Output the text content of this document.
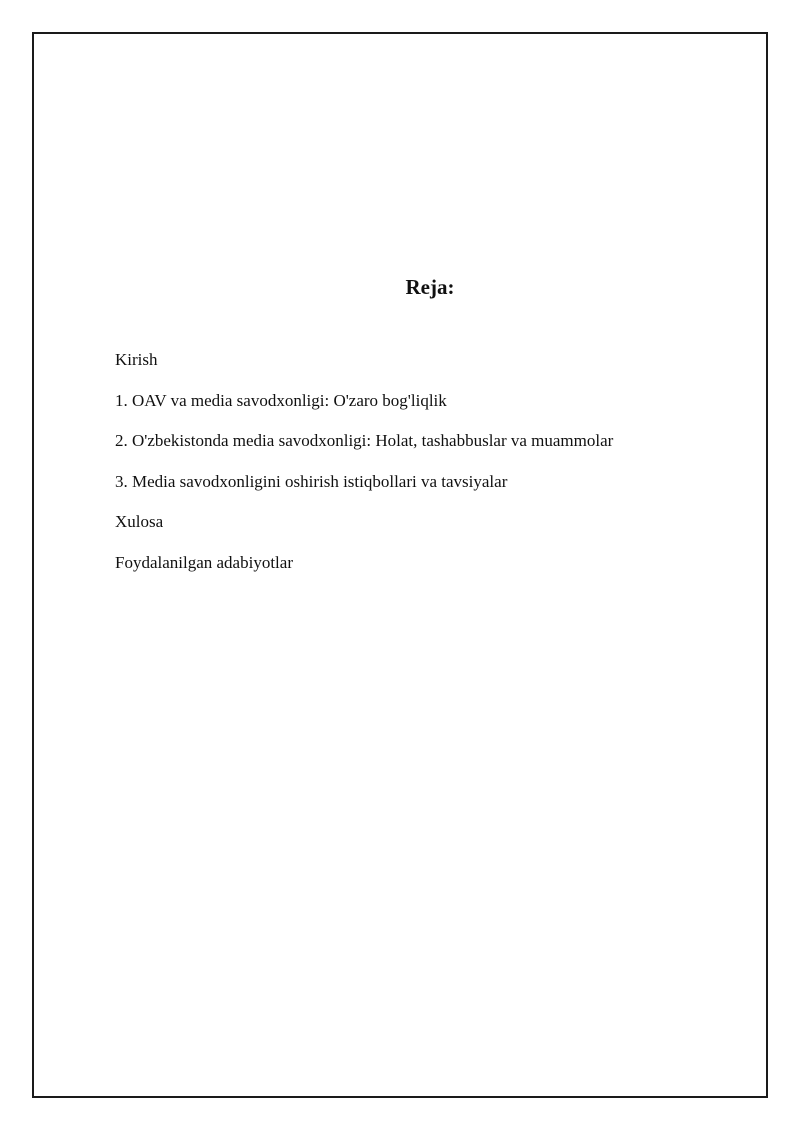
Reja:
Kirish
1. OAV va media savodxonligi: O'zaro bog'liqlik
2. O'zbekistonda media savodxonligi: Holat, tashabbuslar va muammolar
3. Media savodxonligini oshirish istiqbollari va tavsiyalar
Xulosa
Foydalanilgan adabiyotlar
